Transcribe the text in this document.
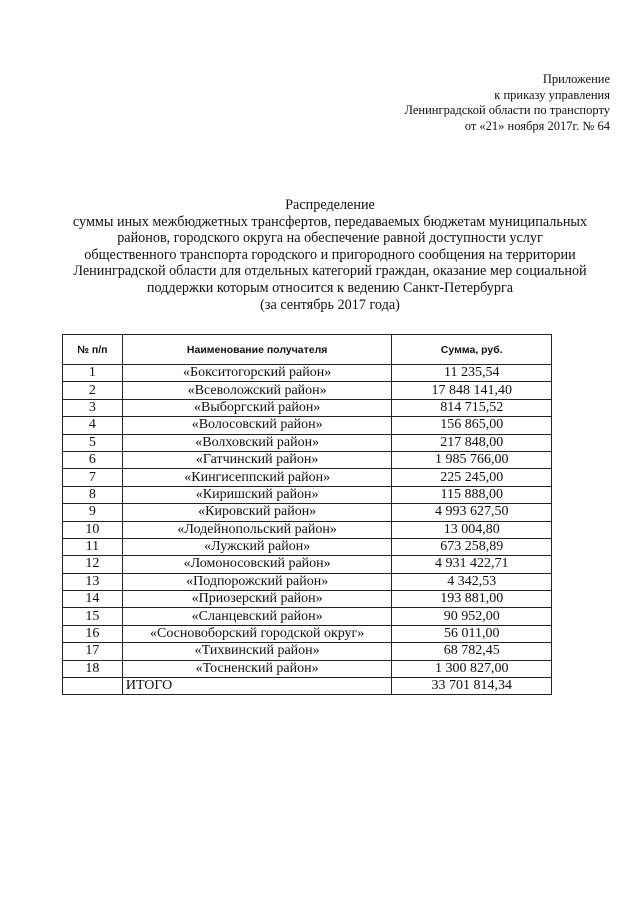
Приложение
к приказу управления
Ленинградской области по транспорту
от «21» ноября 2017г. № 64
Распределение
суммы иных межбюджетных трансфертов, передаваемых бюджетам муниципальных
районов, городского округа на обеспечение равной доступности услуг
общественного транспорта городского и пригородного сообщения на территории
Ленинградской области для отдельных категорий граждан, оказание мер социальной
поддержки которым относится к ведению Санкт-Петербурга
(за сентябрь 2017 года)
№ п/п	Наименование получателя	Сумма, руб.
1	«Бокситогорский район»	11 235,54
2	«Всеволожский район»	17 848 141,40
3	«Выборгский район»	814 715,52
4	«Волосовский район»	156 865,00
5	«Волховский район»	217 848,00
6	«Гатчинский район»	1 985 766,00
7	«Кингисеппский район»	225 245,00
8	«Киришский район»	115 888,00
9	«Кировский район»	4 993 627,50
10	«Лодейнопольский район»	13 004,80
11	«Лужский район»	673 258,89
12	«Ломоносовский район»	4 931 422,71
13	«Подпорожский район»	4 342,53
14	«Приозерский район»	193 881,00
15	«Сланцевский район»	90 952,00
16	«Сосновоборский городской округ»	56 011,00
17	«Тихвинский район»	68 782,45
18	«Тосненский район»	1 300 827,00
	ИТОГО	33 701 814,34
